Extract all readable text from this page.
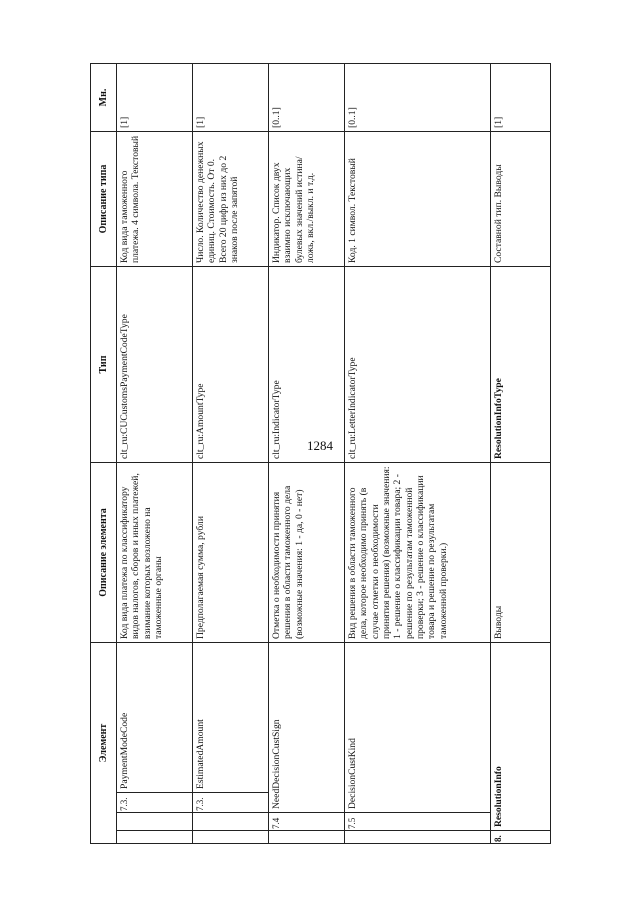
1284
Элемент				Описание элемента	Тип	Описание типа	Мн.
		7.3.	PaymentModeCode	Код вида платежа по классификатору видов налогов, сборов и иных платежей, взимание которых возложено на таможенные органы	clt_ru:CUCustomsPaymentCodeType	Код вида таможенного платежа. 4 символа. Текстовый	[1]
		7.3.	EstimatedAmount	Предполагаемая сумма, рубли	clt_ru:AmountType	Число. Количество денежных единиц. Стоимость. От 0. Всего 20 цифр из них до 2 знаков после запятой	[1]
	7.4	NeedDecisionCustSign		Отметка о необходимости принятия решения в области таможенного дела (возможные значения: 1 - да, 0 - нет)	clt_ru:IndicatorType	Индикатор. Список двух взаимно исключающих булевых значений истина/ложь, вкл./выкл. и т.д.	[0..1]
	7.5	DecisionCustKind		Вид решения в области таможенного дела, которое необходимо принять (в случае отметки о необходимости принятия решения) (возможные значения: 1 - решение о классификации товара; 2 - решение по результатам таможенной проверки; 3 - решение о классификации товара и решение по результатам таможенной проверки.)	clt_ru:LetterIndicatorType	Код. 1 символ. Текстовый	[0..1]
8.	ResolutionInfo			Выводы	ResolutionInfoType	Составной тип. Выводы	[1]
